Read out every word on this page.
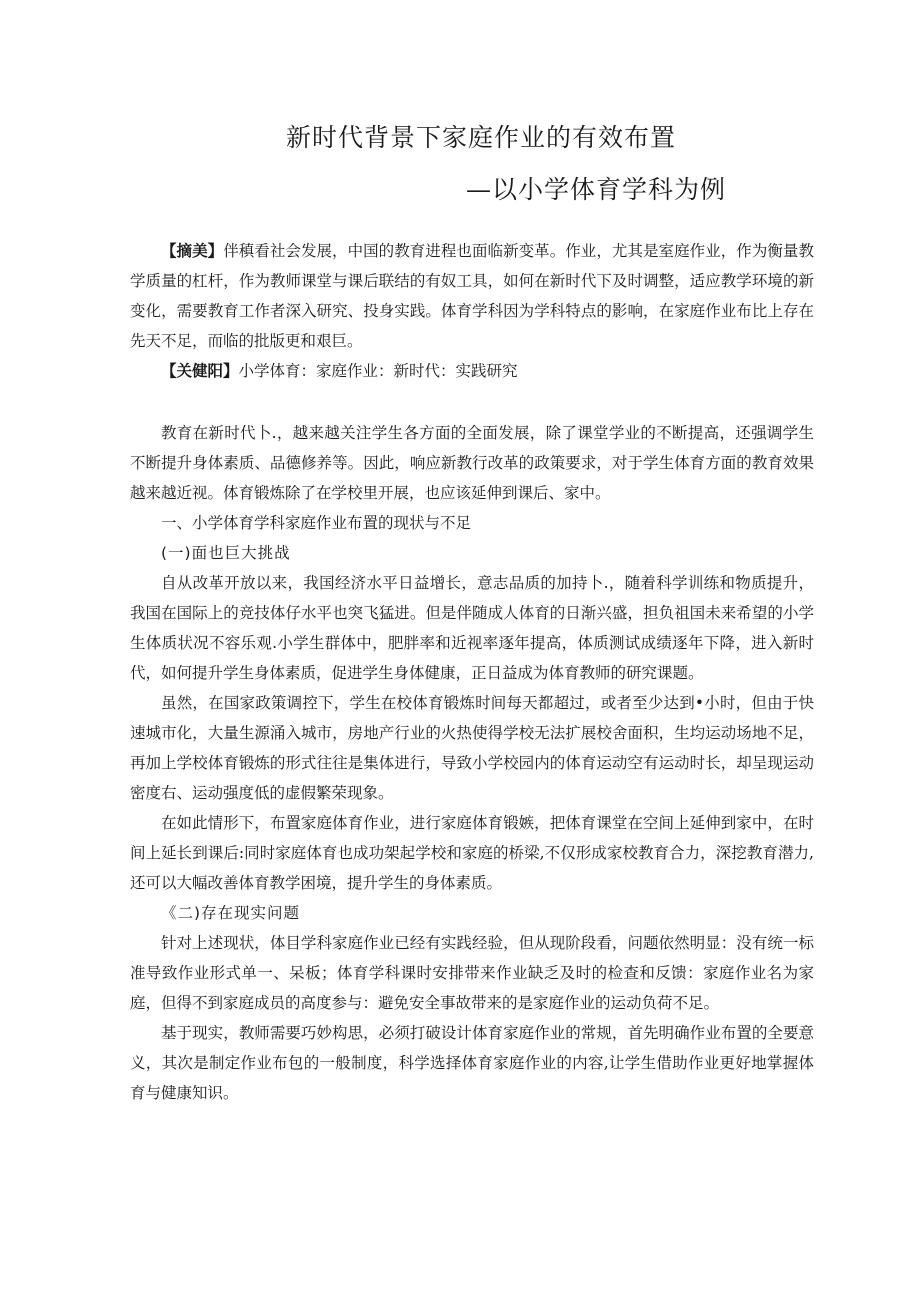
新时代背景下家庭作业的有效布置
—以小学体育学科为例

【摘美】伴稹看社会发展，中国的教育进程也面临新变革。作业，尤其是室庭作业，作为衡量教学质量的杠杆，作为教师课堂与课后联结的有奴工具，如何在新时代下及时调整，适应教学环境的新变化，需要教育工作者深入研究、投身实践。体育学科因为学科特点的影响，在家庭作业布比上存在先天不足，而临的批版更和艰巨。

【关健阳】小学体育：家庭作业：新时代：实践研究

教育在新时代卜.，越来越关注学生各方面的全面发展，除了课堂学业的不断提高，还强调学生不断提升身体素质、品德修养等。因此，响应新教行改革的政策要求，对于学生体育方面的教育效果越来越近视。体育锻炼除了在学校里开展，也应该延伸到课后、家中。

一、小学体育学科家庭作业布置的现状与不足

(一)面也巨大挑战

自从改革开放以来，我国经济水平日益增长，意志品质的加持卜.，随着科学训练和物质提升，我国在国际上的竞技体仔水平也突飞猛进。但是伴随成人体育的日渐兴盛，担负祖国未来希望的小学生体质状况不容乐观.小学生群体中，肥胖率和近视率逐年提高，体质测试成绩逐年下降，进入新时代，如何提升学生身体素质，促进学生身体健康，正日益成为体育教师的研究课题。

虽然，在国家政策调控下，学生在校体育锻炼时间每天都超过，或者至少达到•小时，但由于快速城市化，大量生源涌入城市，房地产行业的火热使得学校无法扩展校舍面积，生均运动场地不足，再加上学校体育锻炼的形式往往是集体进行，导致小学校园内的体育运动空有运动时长，却呈现运动密度右、运动强度低的虚假繁荣现象。

在如此情形下，布置家庭体育作业，进行家庭体育锻嫉，把体育课堂在空间上延伸到家中，在时间上延长到课后:同时家庭体育也成功架起学校和家庭的桥梁,不仅形成家校教育合力，深挖教育潜力,还可以大幅改善体育教学困境，提升学生的身体素质。

《二)存在现实问题

针对上述现状，体目学科家庭作业已经有实践经验，但从现阶段看，问题依然明显：没有统一标准导致作业形式单一、呆板；体育学科课时安排带来作业缺乏及时的检查和反馈：家庭作业名为家庭，但得不到家庭成员的高度参与：避免安全事故带来的是家庭作业的运动负荷不足。

基于现实，教师需要巧妙构思，必须打破设计体育家庭作业的常规，首先明确作业布置的全要意义，其次是制定作业布包的一般制度，科学选择体育家庭作业的内容,让学生借助作业更好地掌握体育与健康知识。
